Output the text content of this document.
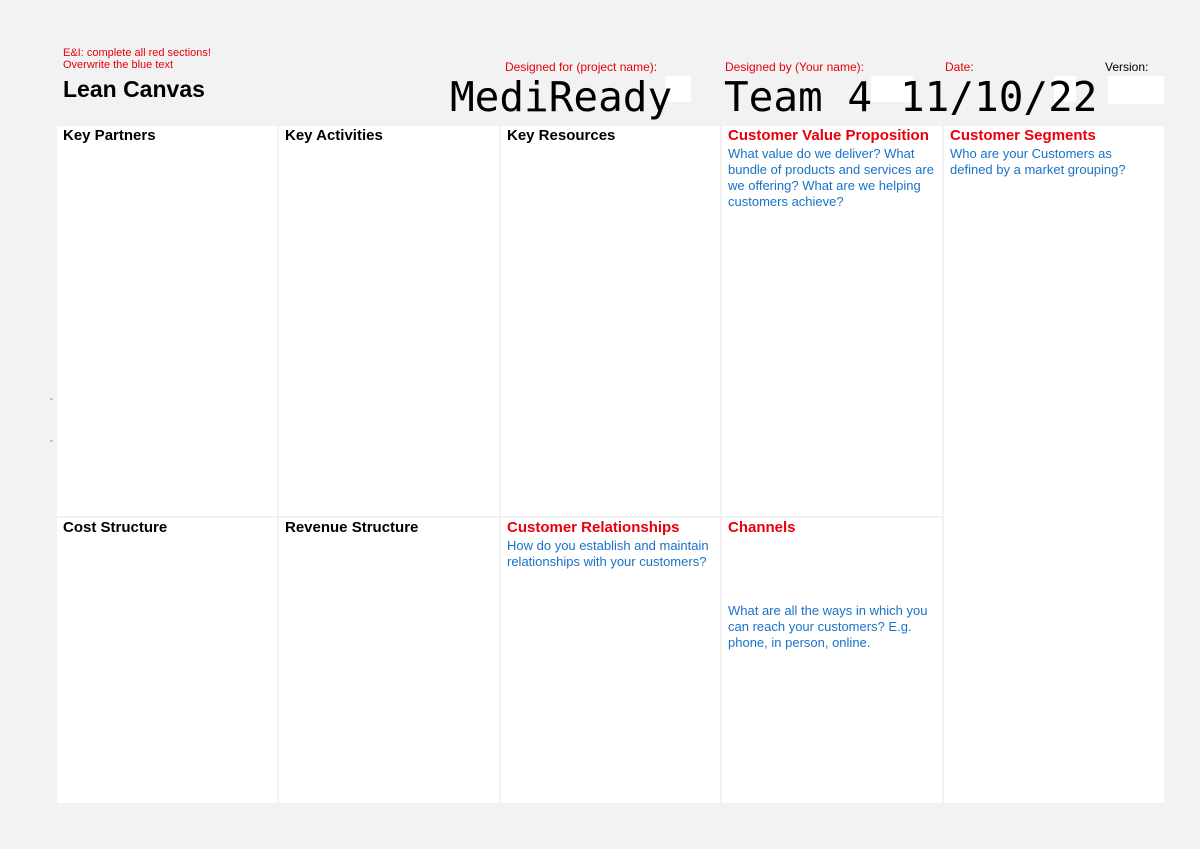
E&I: complete all red sections!
Overwrite the blue text
Lean Canvas
Designed for (project name):	Designed by (Your name):	Date:	Version:
MediReady Team 4 11/10/22
Key Partners	Key Activities	Key Resources	Customer Value Proposition
What value do we deliver? What bundle of products and services are we offering? What are we helping customers achieve?
Customer Segments
Who are your Customers as defined by a market grouping?
Cost Structure	Revenue Structure	Customer Relationships
How do you establish and maintain relationships with your customers?
Channels
What are all the ways in which you can reach your customers? E.g. phone, in person, online.
